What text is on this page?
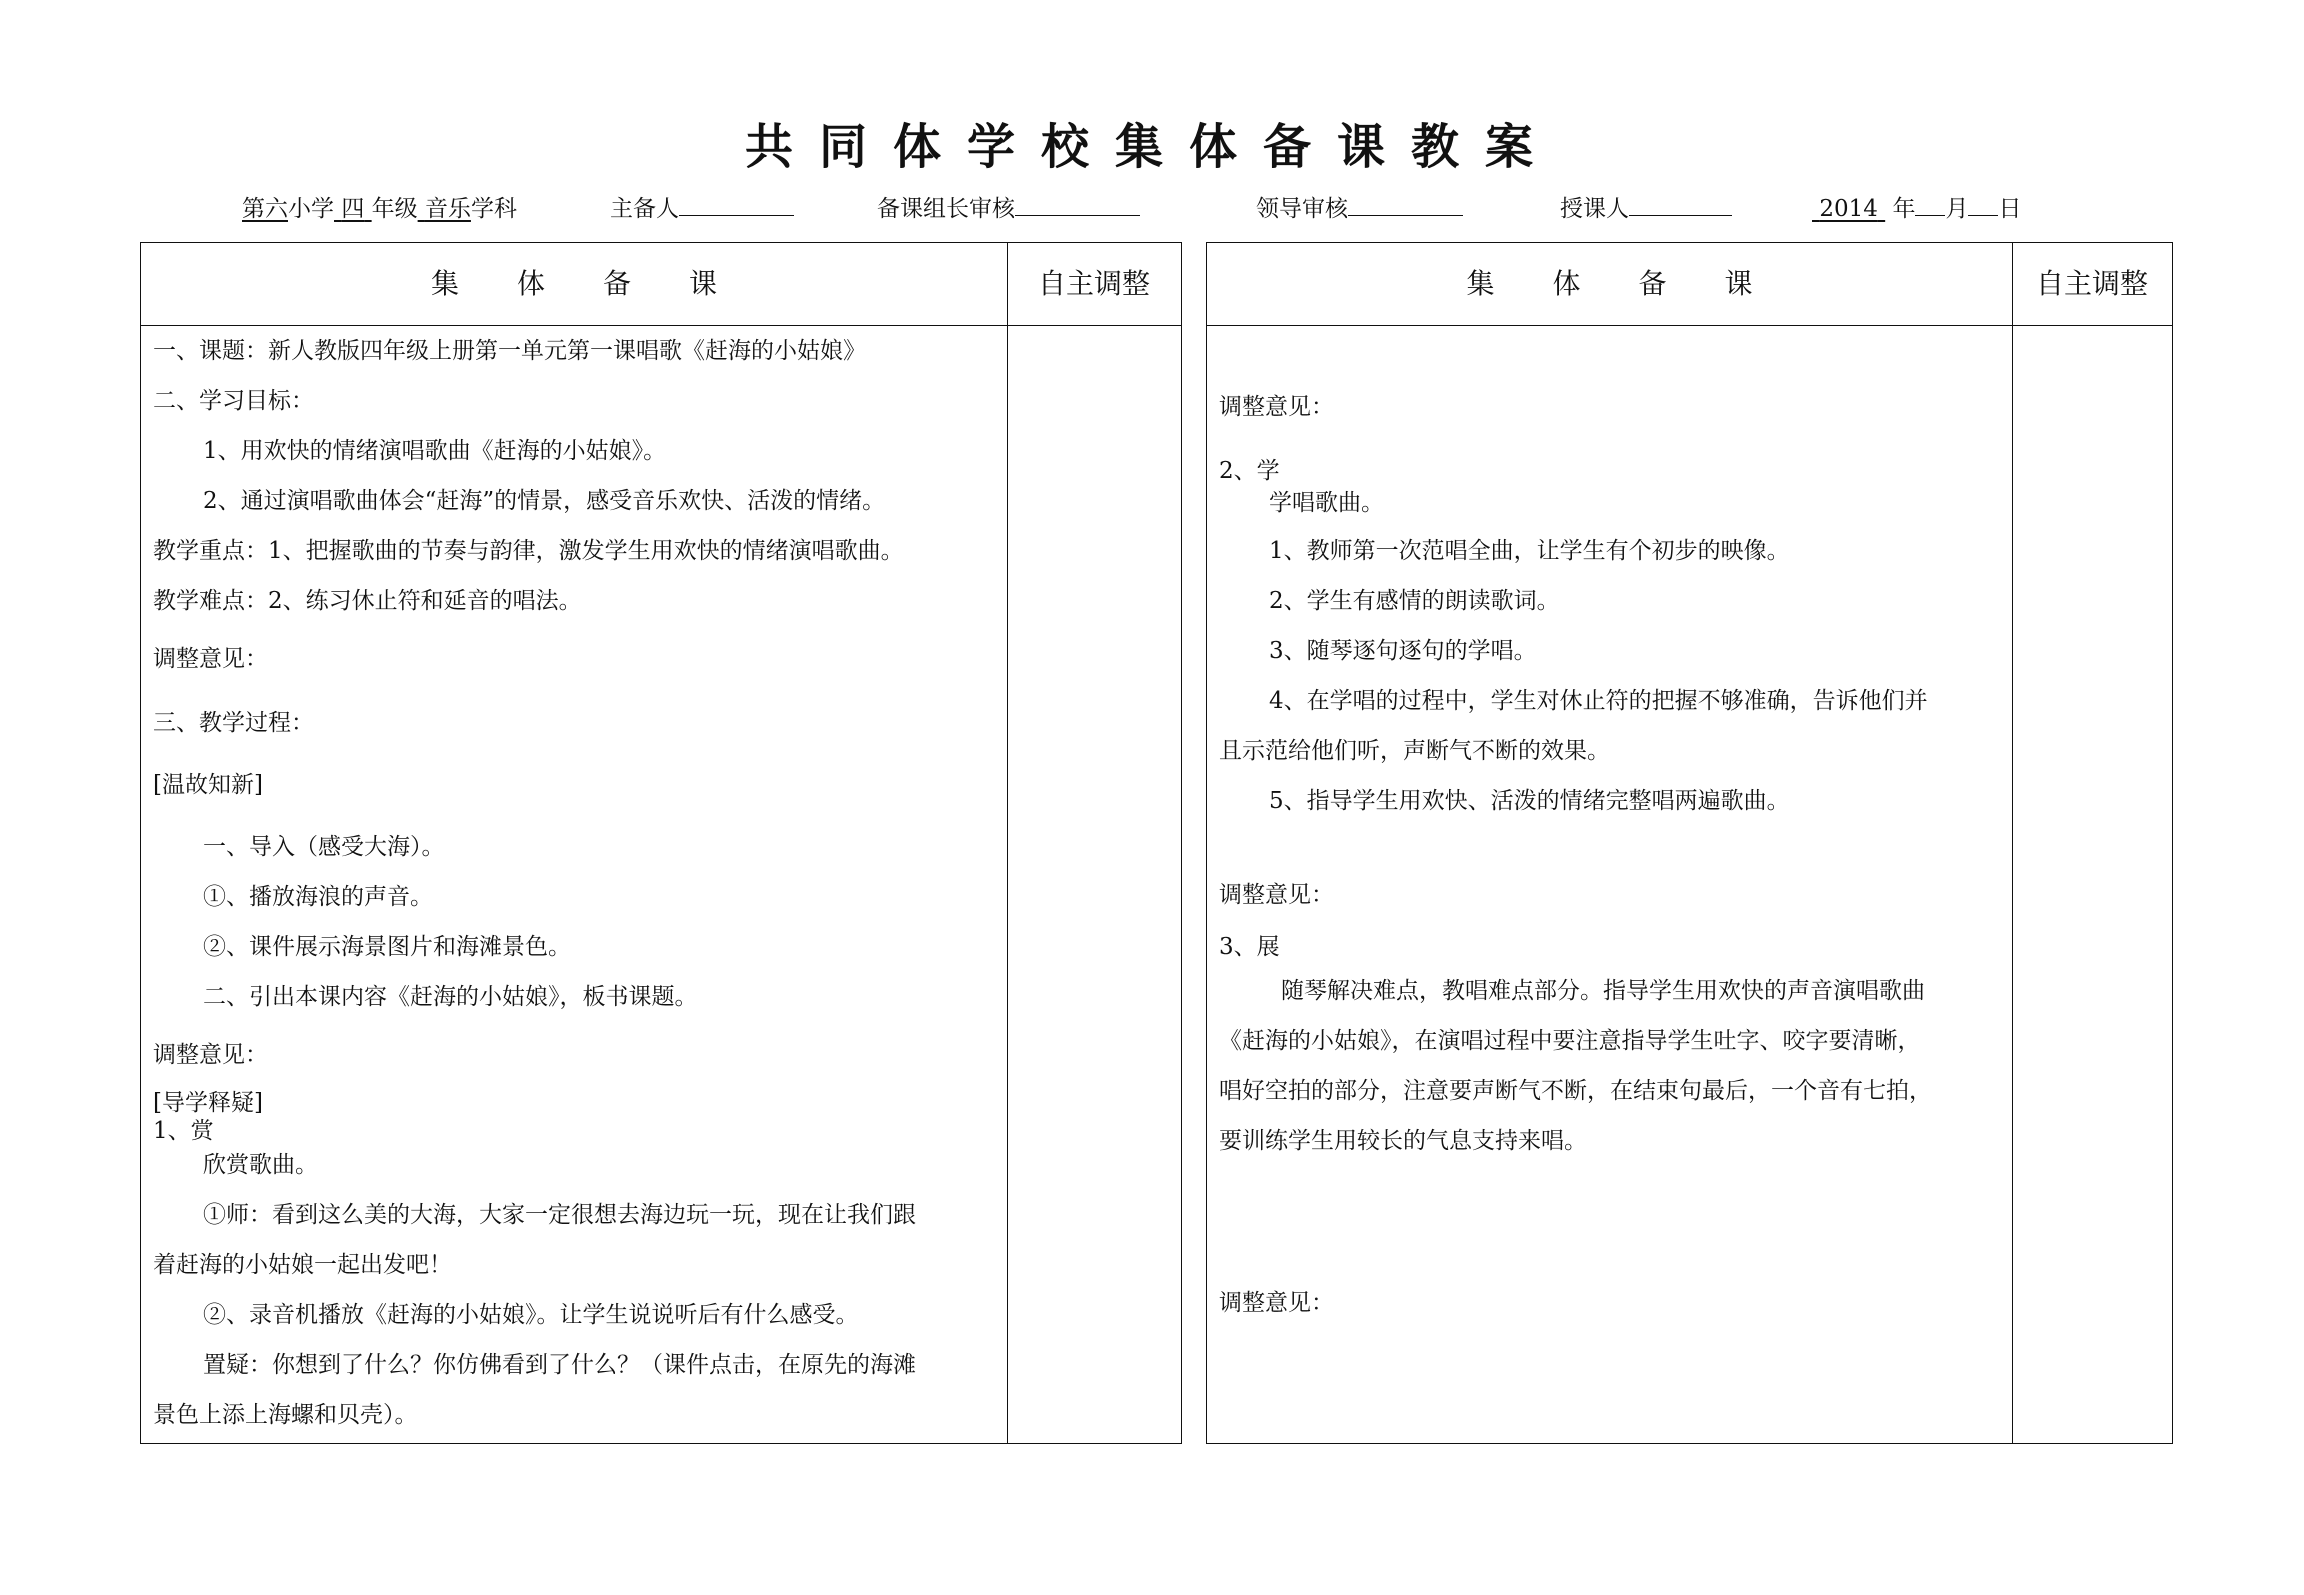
共同体学校集体备课教案
第六小学 四 年级 音乐学科	主备人	备课组长审核	领导审核	授课人	2014 年 月 日
集体备课	自主调整
一、课题：新人教版四年级上册第一单元第一课唱歌《赶海的小姑娘》
二、学习目标：
1、用欢快的情绪演唱歌曲《赶海的小姑娘》。
2、通过演唱歌曲体会“赶海”的情景，感受音乐欢快、活泼的情绪。
教学重点：1、把握歌曲的节奏与韵律，激发学生用欢快的情绪演唱歌曲。
教学难点：2、练习休止符和延音的唱法。
调整意见：
三、教学过程：
[温故知新]
一、导入（感受大海）。
①、播放海浪的声音。
②、课件展示海景图片和海滩景色。
二、引出本课内容《赶海的小姑娘》，板书课题。
调整意见：
[导学释疑]
1、赏
欣赏歌曲。
①师：看到这么美的大海，大家一定很想去海边玩一玩，现在让我们跟
着赶海的小姑娘一起出发吧！
②、录音机播放《赶海的小姑娘》。让学生说说听后有什么感受。
置疑：你想到了什么？你仿佛看到了什么？（课件点击，在原先的海滩
景色上添上海螺和贝壳）。
集体备课	自主调整
调整意见：
2、学
学唱歌曲。
1、教师第一次范唱全曲，让学生有个初步的映像。
2、学生有感情的朗读歌词。
3、随琴逐句逐句的学唱。
4、在学唱的过程中，学生对休止符的把握不够准确，告诉他们并
且示范给他们听，声断气不断的效果。
5、指导学生用欢快、活泼的情绪完整唱两遍歌曲。
调整意见：
3、展
随琴解决难点，教唱难点部分。指导学生用欢快的声音演唱歌曲
《赶海的小姑娘》，在演唱过程中要注意指导学生吐字、咬字要清晰，
唱好空拍的部分，注意要声断气不断，在结束句最后，一个音有七拍，
要训练学生用较长的气息支持来唱。
调整意见：
